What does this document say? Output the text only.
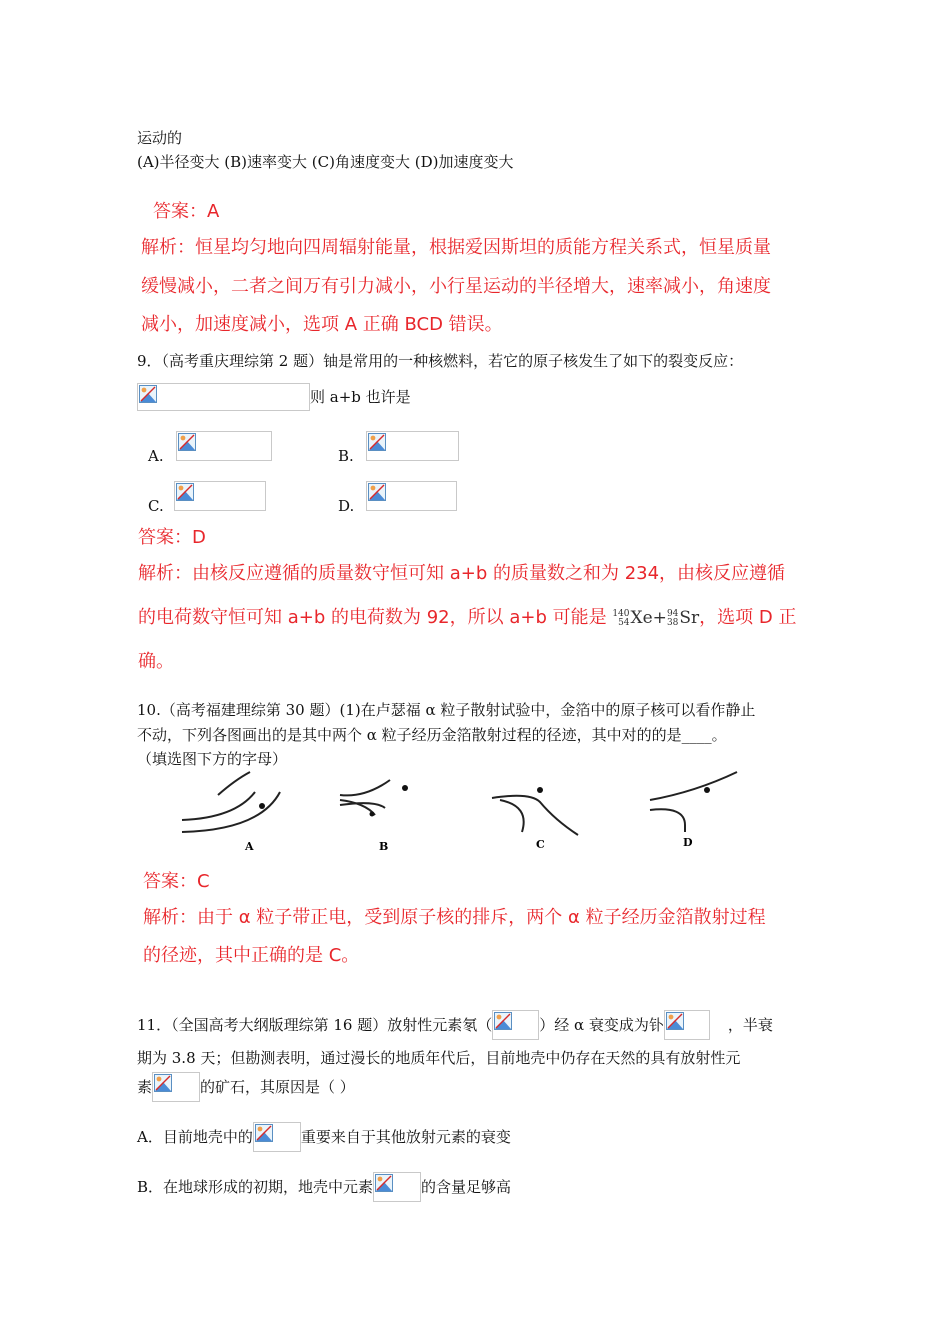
运动的
(A)半径变大 (B)速率变大 (C)角速度变大 (D)加速度变大
答案：A
解析：恒星均匀地向四周辐射能量，根据爱因斯坦的质能方程关系式，恒星质量
缓慢减小，二者之间万有引力减小，小行星运动的半径增大，速率减小，角速度
减小，加速度减小，选项 A 正确 BCD 错误。
9．（高考重庆理综第 2 题）铀是常用的一种核燃料，若它的原子核发生了如下的裂变反应：
则 a+b 也许是
A.	B.
C.	D.
答案：D
解析：由核反应遵循的质量数守恒可知 a+b 的质量数之和为 234，由核反应遵循
的电荷数守恒可知 a+b 的电荷数为 92，所以 a+b 可能是 140
54Xe+94
38Sr，选项 D 正
确。
10.（高考福建理综第 30 题）(1)在卢瑟福 α 粒子散射试验中，金箔中的原子核可以看作静止
不动，下列各图画出的是其中两个 α 粒子经历金箔散射过程的径迹，其中对的的是____。
（填选图下方的字母）
A	B	C	D
答案：C
解析：由于 α 粒子带正电，受到原子核的排斥，两个 α 粒子经历金箔散射过程
的径迹，其中正确的是 C。
11．（全国高考大纲版理综第 16 题）放射性元素氡（	）经 α 衰变成为钋	，半衰
期为 3.8 天；但勘测表明，通过漫长的地质年代后，目前地壳中仍存在天然的具有放射性元
素	的矿石，其原因是（ ）
A．目前地壳中的	重要来自于其他放射元素的衰变
B．在地球形成的初期，地壳中元素	的含量足够高
